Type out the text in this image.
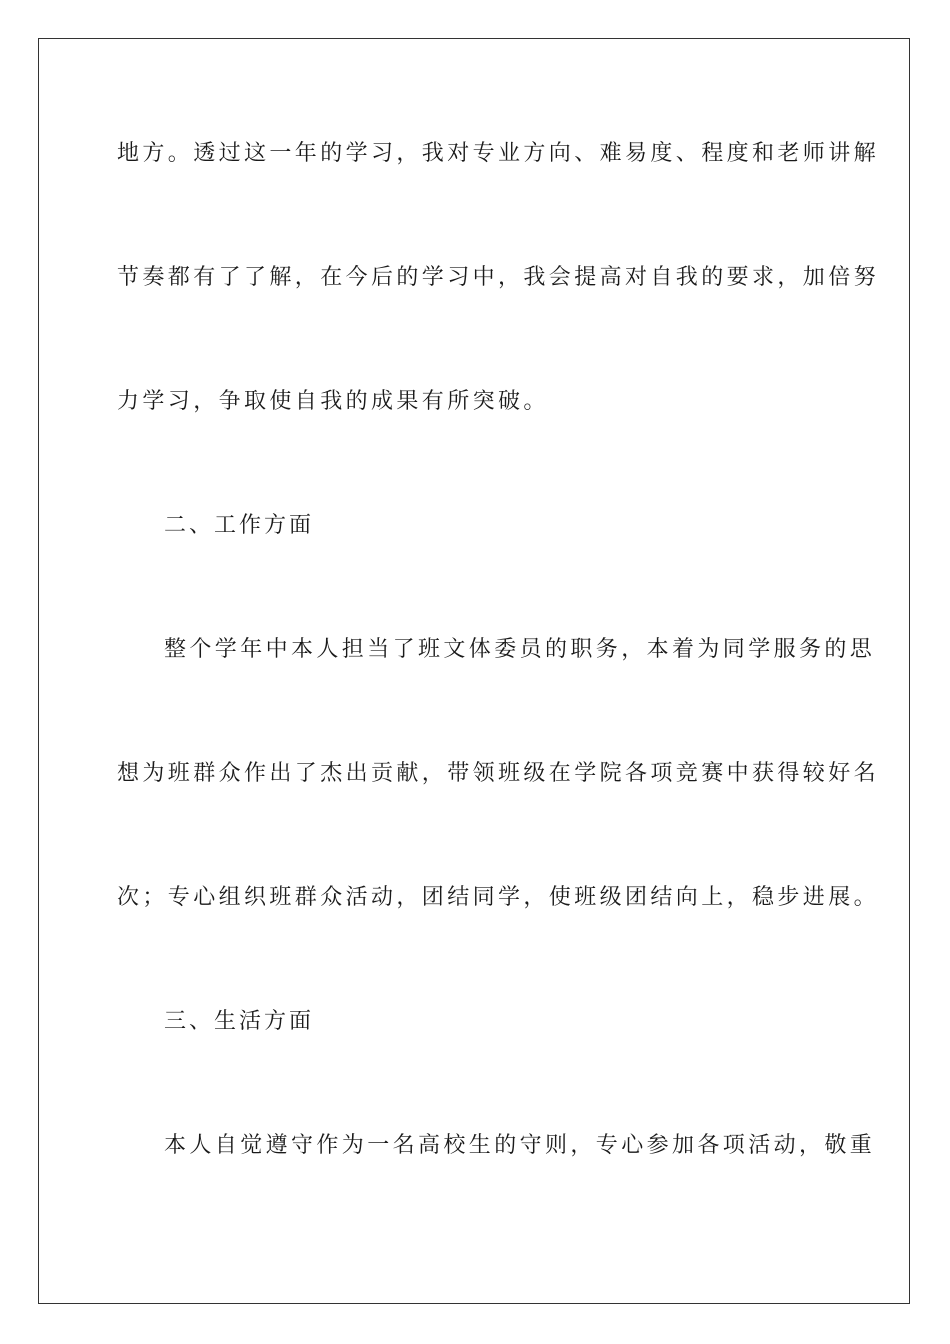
地方。透过这一年的学习，我对专业方向、难易度、程度和老师讲解
节奏都有了了解，在今后的学习中，我会提高对自我的要求，加倍努
力学习，争取使自我的成果有所突破。
二、工作方面
整个学年中本人担当了班文体委员的职务，本着为同学服务的思
想为班群众作出了杰出贡献，带领班级在学院各项竞赛中获得较好名
次；专心组织班群众活动，团结同学，使班级团结向上，稳步进展。
三、生活方面
本人自觉遵守作为一名高校生的守则，专心参加各项活动，敬重
